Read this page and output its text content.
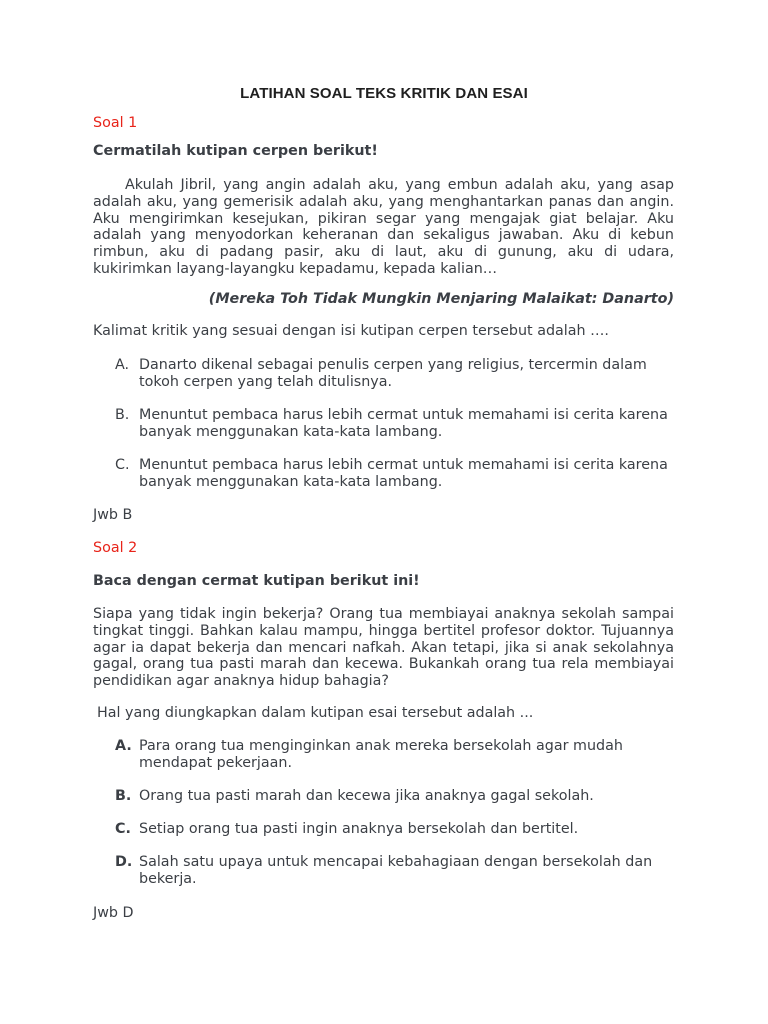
LATIHAN SOAL TEKS KRITIK DAN ESAI
Soal 1
Cermatilah kutipan cerpen berikut!
Akulah Jibril, yang angin adalah aku, yang embun adalah aku, yang asap adalah aku, yang gemerisik adalah aku, yang menghantarkan panas dan angin. Aku mengirimkan kesejukan, pikiran segar yang mengajak giat belajar. Aku adalah yang menyodorkan keheranan dan sekaligus jawaban. Aku di kebun rimbun, aku di padang pasir, aku di laut, aku di gunung, aku di udara, kukirimkan layang-layangku kepadamu, kepada kalian…
(Mereka Toh Tidak Mungkin Menjaring Malaikat: Danarto)
Kalimat kritik yang sesuai dengan isi kutipan cerpen tersebut adalah ….
A. Danarto dikenal sebagai penulis cerpen yang religius, tercermin dalam tokoh cerpen yang telah ditulisnya.
B. Menuntut pembaca harus lebih cermat untuk memahami isi cerita karena banyak menggunakan kata-kata lambang.
C. Menuntut pembaca harus lebih cermat untuk memahami isi cerita karena banyak menggunakan kata-kata lambang.
Jwb B
Soal 2
Baca dengan cermat kutipan berikut ini!
Siapa yang tidak ingin bekerja? Orang tua membiayai anaknya sekolah sampai tingkat tinggi. Bahkan kalau mampu, hingga bertitel profesor doktor. Tujuannya agar ia dapat bekerja dan mencari nafkah. Akan tetapi, jika si anak sekolahnya gagal, orang tua pasti marah dan kecewa. Bukankah orang tua rela membiayai pendidikan agar anaknya hidup bahagia?
Hal yang diungkapkan dalam kutipan esai tersebut adalah ...
A. Para orang tua menginginkan anak mereka bersekolah agar mudah mendapat pekerjaan.
B. Orang tua pasti marah dan kecewa jika anaknya gagal sekolah.
C. Setiap orang tua pasti ingin anaknya bersekolah dan bertitel.
D. Salah satu upaya untuk mencapai kebahagiaan dengan bersekolah dan bekerja.
Jwb D
